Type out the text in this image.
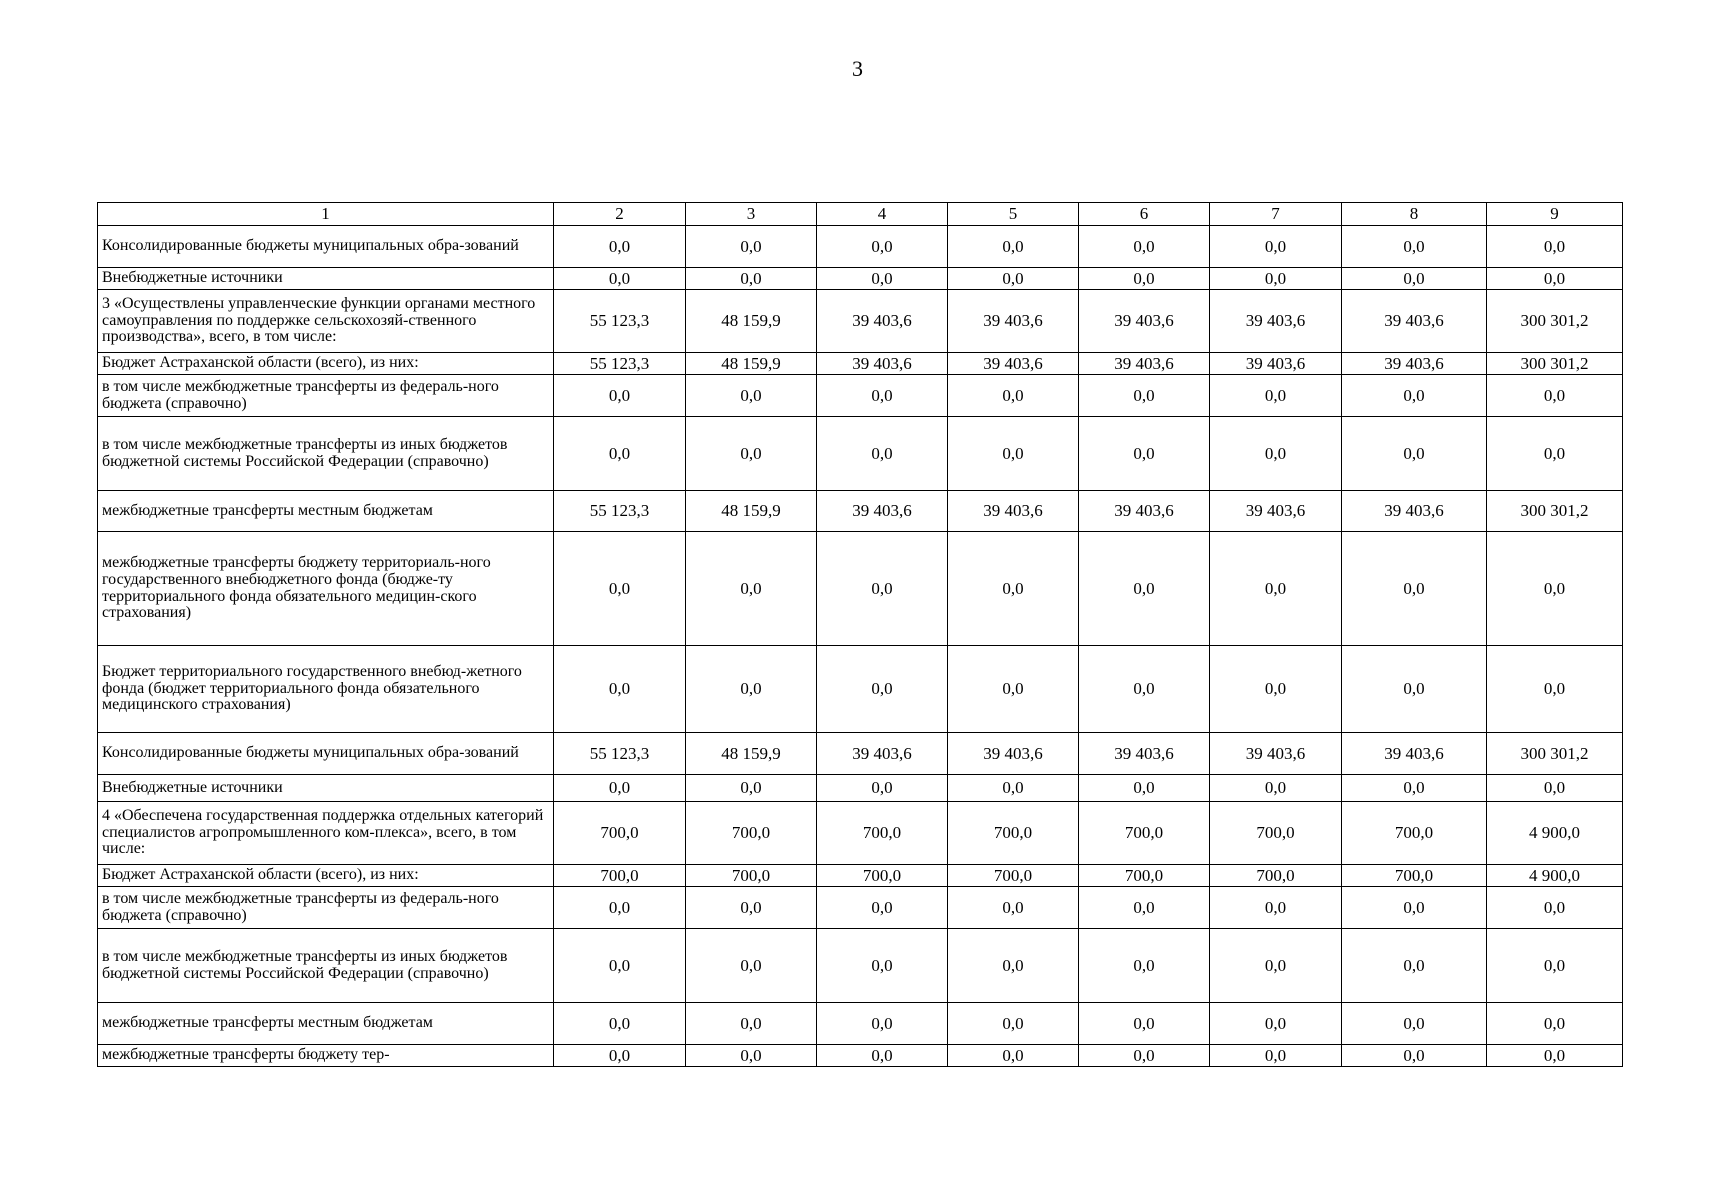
3
1	2	3	4	5	6	7	8	9
Консолидированные бюджеты муниципальных обра-зований	0,0	0,0	0,0	0,0	0,0	0,0	0,0	0,0
Внебюджетные источники	0,0	0,0	0,0	0,0	0,0	0,0	0,0	0,0
3 «Осуществлены управленческие функции органами местного самоуправления по поддержке сельскохозяй-ственного производства», всего, в том числе:	55 123,3	48 159,9	39 403,6	39 403,6	39 403,6	39 403,6	39 403,6	300 301,2
Бюджет Астраханской области (всего), из них:	55 123,3	48 159,9	39 403,6	39 403,6	39 403,6	39 403,6	39 403,6	300 301,2
в том числе межбюджетные трансферты из федераль-ного бюджета (справочно)	0,0	0,0	0,0	0,0	0,0	0,0	0,0	0,0
в том числе межбюджетные трансферты из иных бюджетов бюджетной системы Российской Федерации (справочно)	0,0	0,0	0,0	0,0	0,0	0,0	0,0	0,0
межбюджетные трансферты местным бюджетам	55 123,3	48 159,9	39 403,6	39 403,6	39 403,6	39 403,6	39 403,6	300 301,2
межбюджетные трансферты бюджету территориаль-ного государственного внебюджетного фонда (бюдже-ту территориального фонда обязательного медицин-ского страхования)	0,0	0,0	0,0	0,0	0,0	0,0	0,0	0,0
Бюджет территориального государственного внебюд-жетного фонда (бюджет территориального фонда обязательного медицинского страхования)	0,0	0,0	0,0	0,0	0,0	0,0	0,0	0,0
Консолидированные бюджеты муниципальных обра-зований	55 123,3	48 159,9	39 403,6	39 403,6	39 403,6	39 403,6	39 403,6	300 301,2
Внебюджетные источники	0,0	0,0	0,0	0,0	0,0	0,0	0,0	0,0
4 «Обеспечена государственная поддержка отдельных категорий специалистов агропромышленного ком-плекса», всего, в том числе:	700,0	700,0	700,0	700,0	700,0	700,0	700,0	4 900,0
Бюджет Астраханской области (всего), из них:	700,0	700,0	700,0	700,0	700,0	700,0	700,0	4 900,0
в том числе межбюджетные трансферты из федераль-ного бюджета (справочно)	0,0	0,0	0,0	0,0	0,0	0,0	0,0	0,0
в том числе межбюджетные трансферты из иных бюджетов бюджетной системы Российской Федерации (справочно)	0,0	0,0	0,0	0,0	0,0	0,0	0,0	0,0
межбюджетные трансферты местным бюджетам	0,0	0,0	0,0	0,0	0,0	0,0	0,0	0,0
межбюджетные трансферты бюджету тер-	0,0	0,0	0,0	0,0	0,0	0,0	0,0	0,0
